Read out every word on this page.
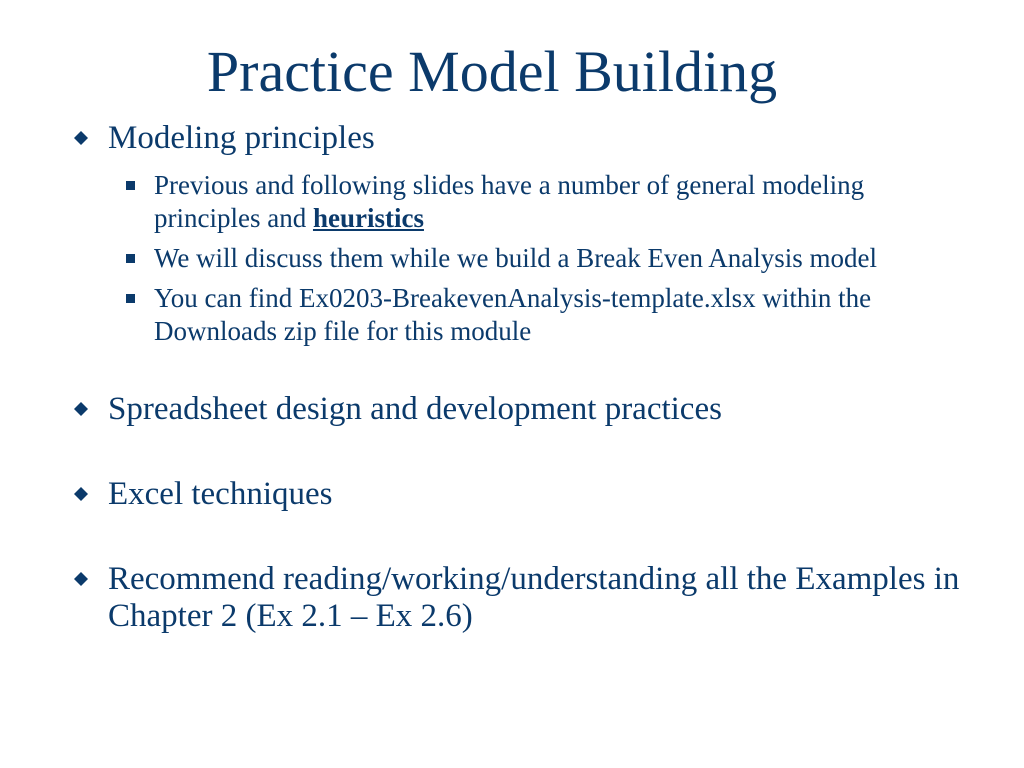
Practice Model Building
Modeling principles
Previous and following slides have a number of general modeling principles and heuristics
We will discuss them while we build a Break Even Analysis model
You can find Ex0203-BreakevenAnalysis-template.xlsx within the Downloads zip file for this module
Spreadsheet design and development practices
Excel techniques
Recommend reading/working/understanding all the Examples in Chapter 2 (Ex 2.1 – Ex 2.6)
